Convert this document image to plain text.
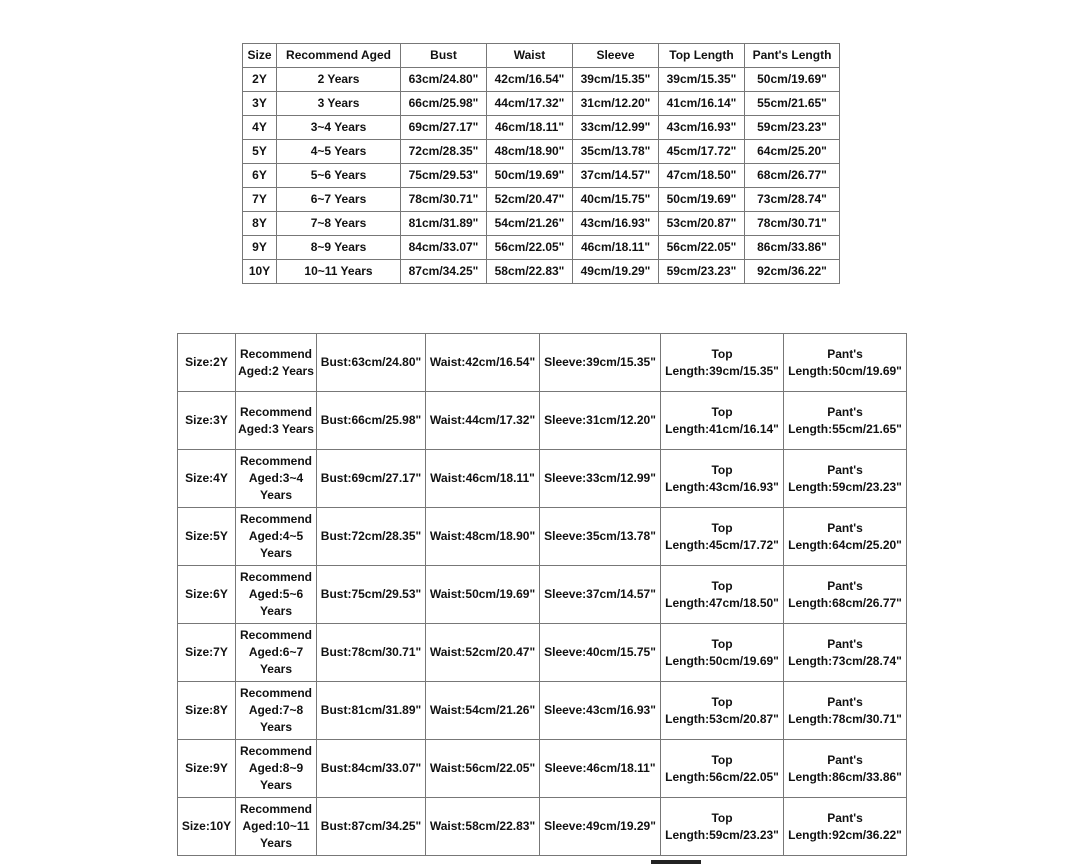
Size	Recommend Aged	Bust	Waist	Sleeve	Top Length	Pant's Length
2Y	2 Years	63cm/24.80"	42cm/16.54"	39cm/15.35"	39cm/15.35"	50cm/19.69"
3Y	3 Years	66cm/25.98"	44cm/17.32"	31cm/12.20"	41cm/16.14"	55cm/21.65"
4Y	3~4 Years	69cm/27.17"	46cm/18.11"	33cm/12.99"	43cm/16.93"	59cm/23.23"
5Y	4~5 Years	72cm/28.35"	48cm/18.90"	35cm/13.78"	45cm/17.72"	64cm/25.20"
6Y	5~6 Years	75cm/29.53"	50cm/19.69"	37cm/14.57"	47cm/18.50"	68cm/26.77"
7Y	6~7 Years	78cm/30.71"	52cm/20.47"	40cm/15.75"	50cm/19.69"	73cm/28.74"
8Y	7~8 Years	81cm/31.89"	54cm/21.26"	43cm/16.93"	53cm/20.87"	78cm/30.71"
9Y	8~9 Years	84cm/33.07"	56cm/22.05"	46cm/18.11"	56cm/22.05"	86cm/33.86"
10Y	10~11 Years	87cm/34.25"	58cm/22.83"	49cm/19.29"	59cm/23.23"	92cm/36.22"
Size:2Y	Recommend Aged:2 Years	Bust:63cm/24.80"	Waist:42cm/16.54"	Sleeve:39cm/15.35"	Top Length:39cm/15.35"	Pant's Length:50cm/19.69"
Size:3Y	Recommend Aged:3 Years	Bust:66cm/25.98"	Waist:44cm/17.32"	Sleeve:31cm/12.20"	Top Length:41cm/16.14"	Pant's Length:55cm/21.65"
Size:4Y	Recommend Aged:3~4 Years	Bust:69cm/27.17"	Waist:46cm/18.11"	Sleeve:33cm/12.99"	Top Length:43cm/16.93"	Pant's Length:59cm/23.23"
Size:5Y	Recommend Aged:4~5 Years	Bust:72cm/28.35"	Waist:48cm/18.90"	Sleeve:35cm/13.78"	Top Length:45cm/17.72"	Pant's Length:64cm/25.20"
Size:6Y	Recommend Aged:5~6 Years	Bust:75cm/29.53"	Waist:50cm/19.69"	Sleeve:37cm/14.57"	Top Length:47cm/18.50"	Pant's Length:68cm/26.77"
Size:7Y	Recommend Aged:6~7 Years	Bust:78cm/30.71"	Waist:52cm/20.47"	Sleeve:40cm/15.75"	Top Length:50cm/19.69"	Pant's Length:73cm/28.74"
Size:8Y	Recommend Aged:7~8 Years	Bust:81cm/31.89"	Waist:54cm/21.26"	Sleeve:43cm/16.93"	Top Length:53cm/20.87"	Pant's Length:78cm/30.71"
Size:9Y	Recommend Aged:8~9 Years	Bust:84cm/33.07"	Waist:56cm/22.05"	Sleeve:46cm/18.11"	Top Length:56cm/22.05"	Pant's Length:86cm/33.86"
Size:10Y	Recommend Aged:10~11 Years	Bust:87cm/34.25"	Waist:58cm/22.83"	Sleeve:49cm/19.29"	Top Length:59cm/23.23"	Pant's Length:92cm/36.22"
